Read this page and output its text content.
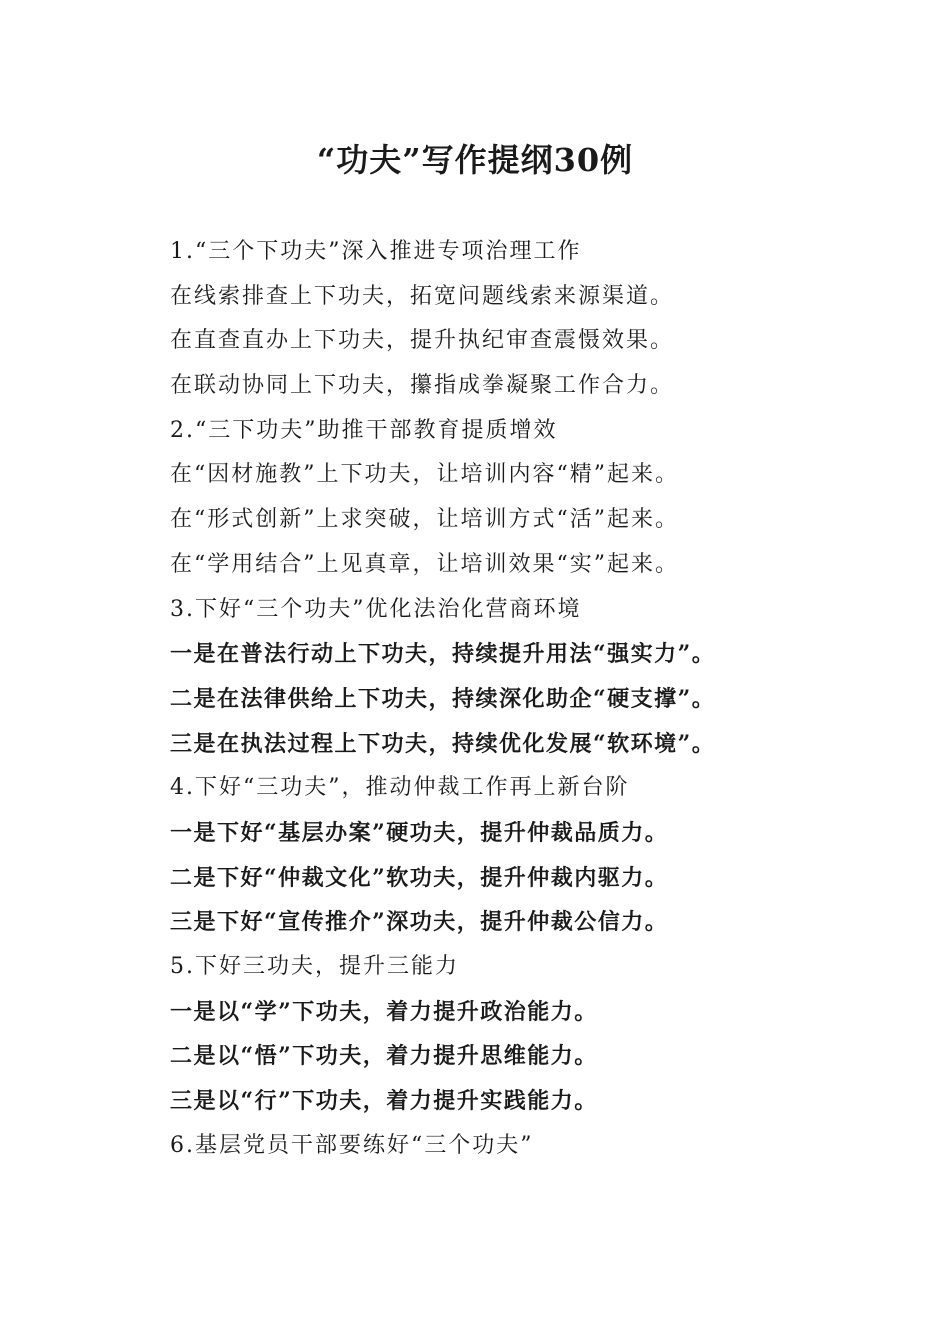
“功夫”写作提纲30例
1.“三个下功夫”深入推进专项治理工作
在线索排查上下功夫，拓宽问题线索来源渠道。
在直查直办上下功夫，提升执纪审查震慑效果。
在联动协同上下功夫，攥指成拳凝聚工作合力。
2.“三下功夫”助推干部教育提质增效
在“因材施教”上下功夫，让培训内容“精”起来。
在“形式创新”上求突破，让培训方式“活”起来。
在“学用结合”上见真章，让培训效果“实”起来。
3.下好“三个功夫”优化法治化营商环境
一是在普法行动上下功夫，持续提升用法“强实力”。
二是在法律供给上下功夫，持续深化助企“硬支撑”。
三是在执法过程上下功夫，持续优化发展“软环境”。
4.下好“三功夫”，推动仲裁工作再上新台阶
一是下好“基层办案”硬功夫，提升仲裁品质力。
二是下好“仲裁文化”软功夫，提升仲裁内驱力。
三是下好“宣传推介”深功夫，提升仲裁公信力。
5.下好三功夫，提升三能力
一是以“学”下功夫，着力提升政治能力。
二是以“悟”下功夫，着力提升思维能力。
三是以“行”下功夫，着力提升实践能力。
6.基层党员干部要练好“三个功夫”
